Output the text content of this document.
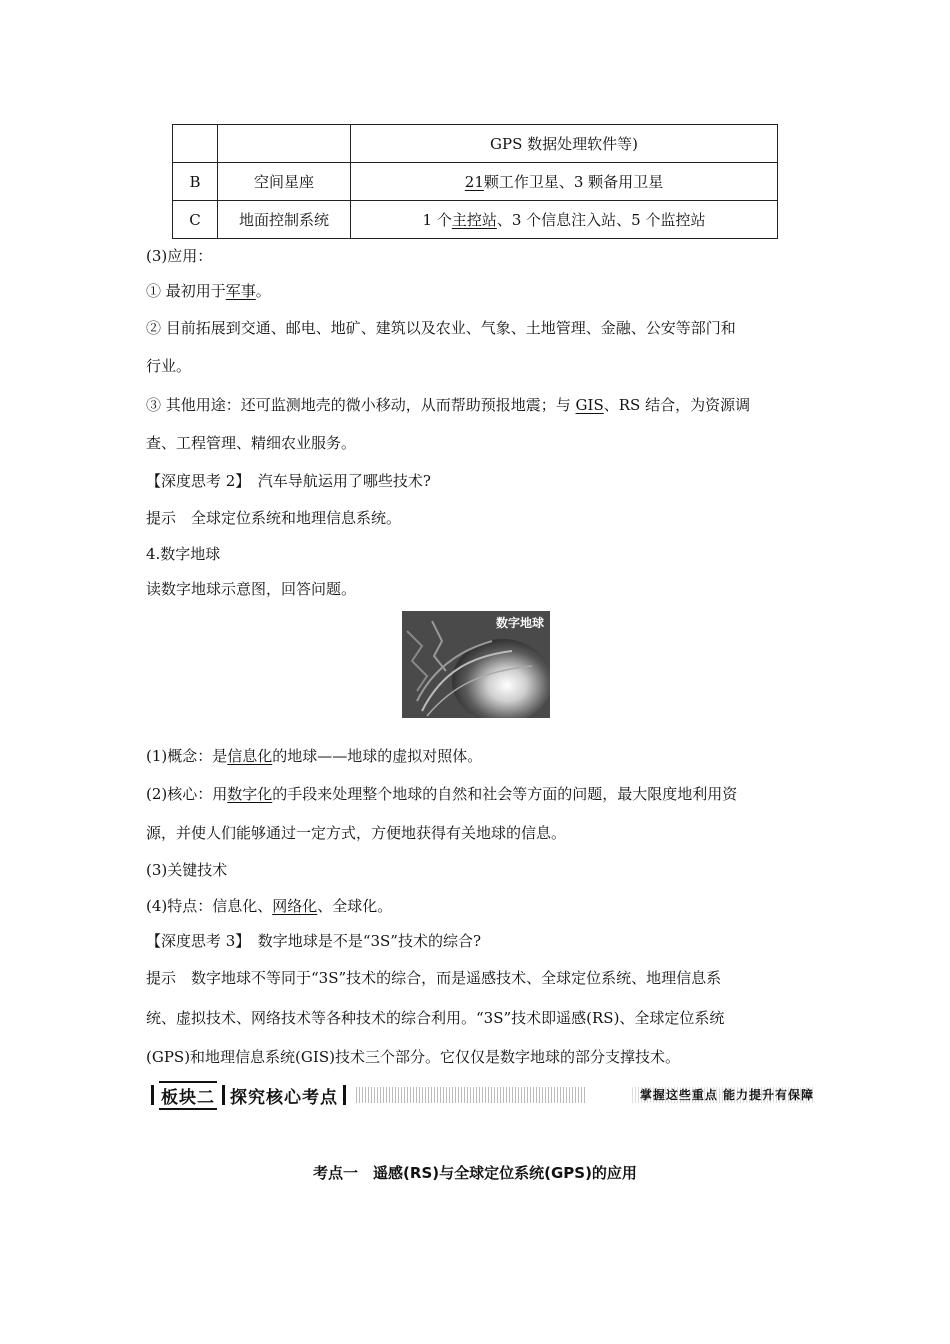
		GPS 数据处理软件等)
B	空间星座	21颗工作卫星、3 颗备用卫星
C	地面控制系统	1 个主控站、3 个信息注入站、5 个监控站
(3)应用：
① 最初用于军事。
② 目前拓展到交通、邮电、地矿、建筑以及农业、气象、土地管理、金融、公安等部门和
行业。
③ 其他用途：还可监测地壳的微小移动，从而帮助预报地震；与 GIS、RS 结合，为资源调
查、工程管理、精细农业服务。
【深度思考 2】　汽车导航运用了哪些技术?
提示　全球定位系统和地理信息系统。
4.数字地球
读数字地球示意图，回答问题。
数字地球
(1)概念：是信息化的地球——地球的虚拟对照体。
(2)核心：用数字化的手段来处理整个地球的自然和社会等方面的问题，最大限度地利用资
源，并使人们能够通过一定方式，方便地获得有关地球的信息。
(3)关键技术
(4)特点：信息化、网络化、全球化。
【深度思考 3】　数字地球是不是“3S”技术的综合?
提示　数字地球不等同于“3S”技术的综合，而是遥感技术、全球定位系统、地理信息系
统、虚拟技术、网络技术等各种技术的综合利用。“3S”技术即遥感(RS)、全球定位系统
(GPS)和地理信息系统(GIS)技术三个部分。它仅仅是数字地球的部分支撑技术。
板块二 探究核心考点	掌握这些重点 能力提升有保障
考点一　遥感(RS)与全球定位系统(GPS)的应用
